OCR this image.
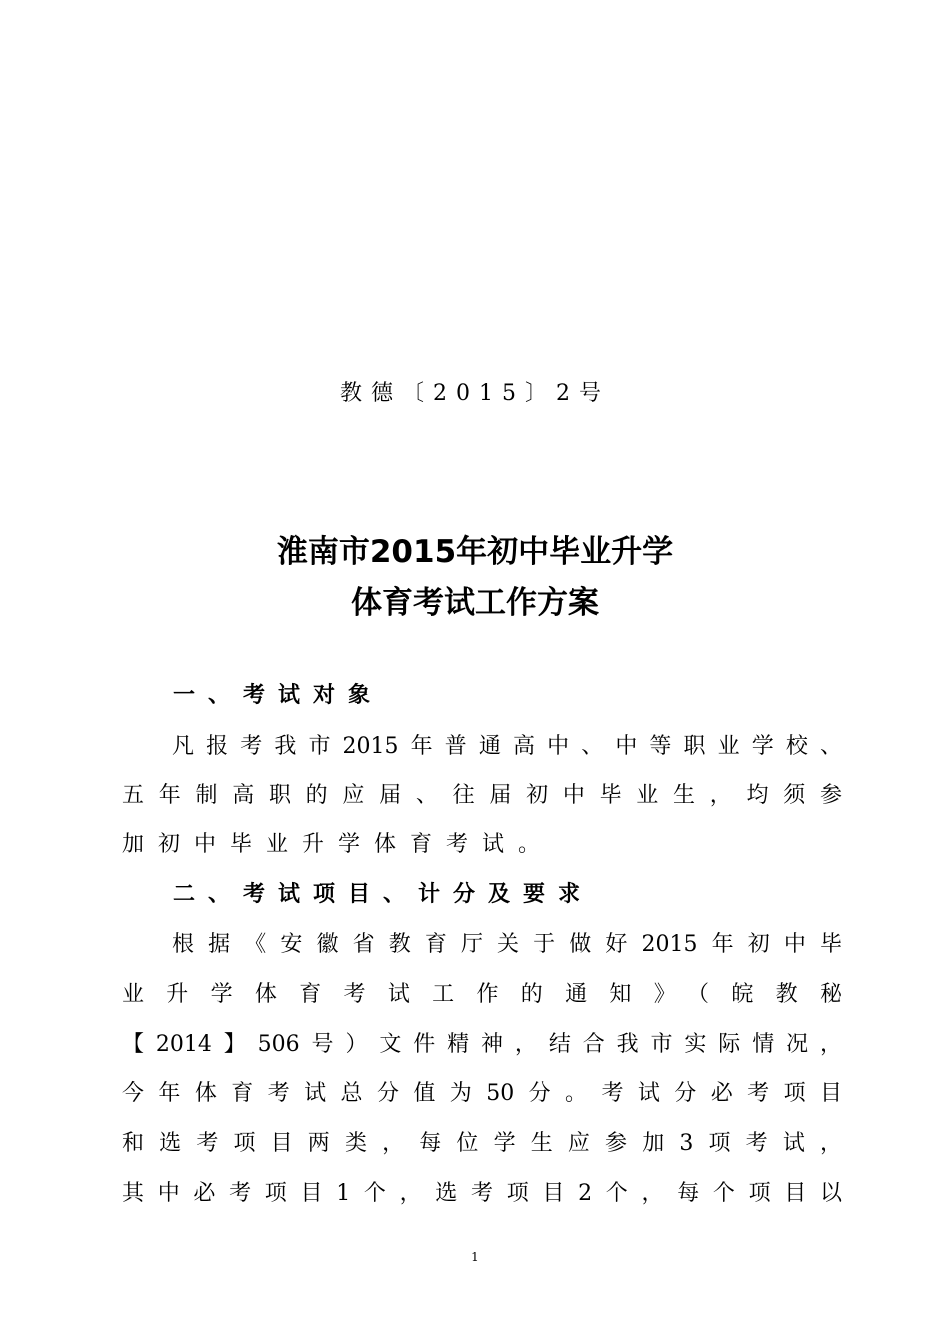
教德〔2015〕2号
淮南市2015年初中毕业升学
体育考试工作方案
一、考试对象
凡报考我市2015年普通高中、中等职业学校、
五年制高职的应届、往届初中毕业生，均须参
加初中毕业升学体育考试。
二、考试项目、计分及要求
根据《安徽省教育厅关于做好2015年初中毕
业升学体育考试工作的通知》（皖教秘
【2014】506号）文件精神，结合我市实际情况，
今年体育考试总分值为50分。考试分必考项目
和选考项目两类，每位学生应参加3项考试，
其中必考项目1个，选考项目2个，每个项目以
1
